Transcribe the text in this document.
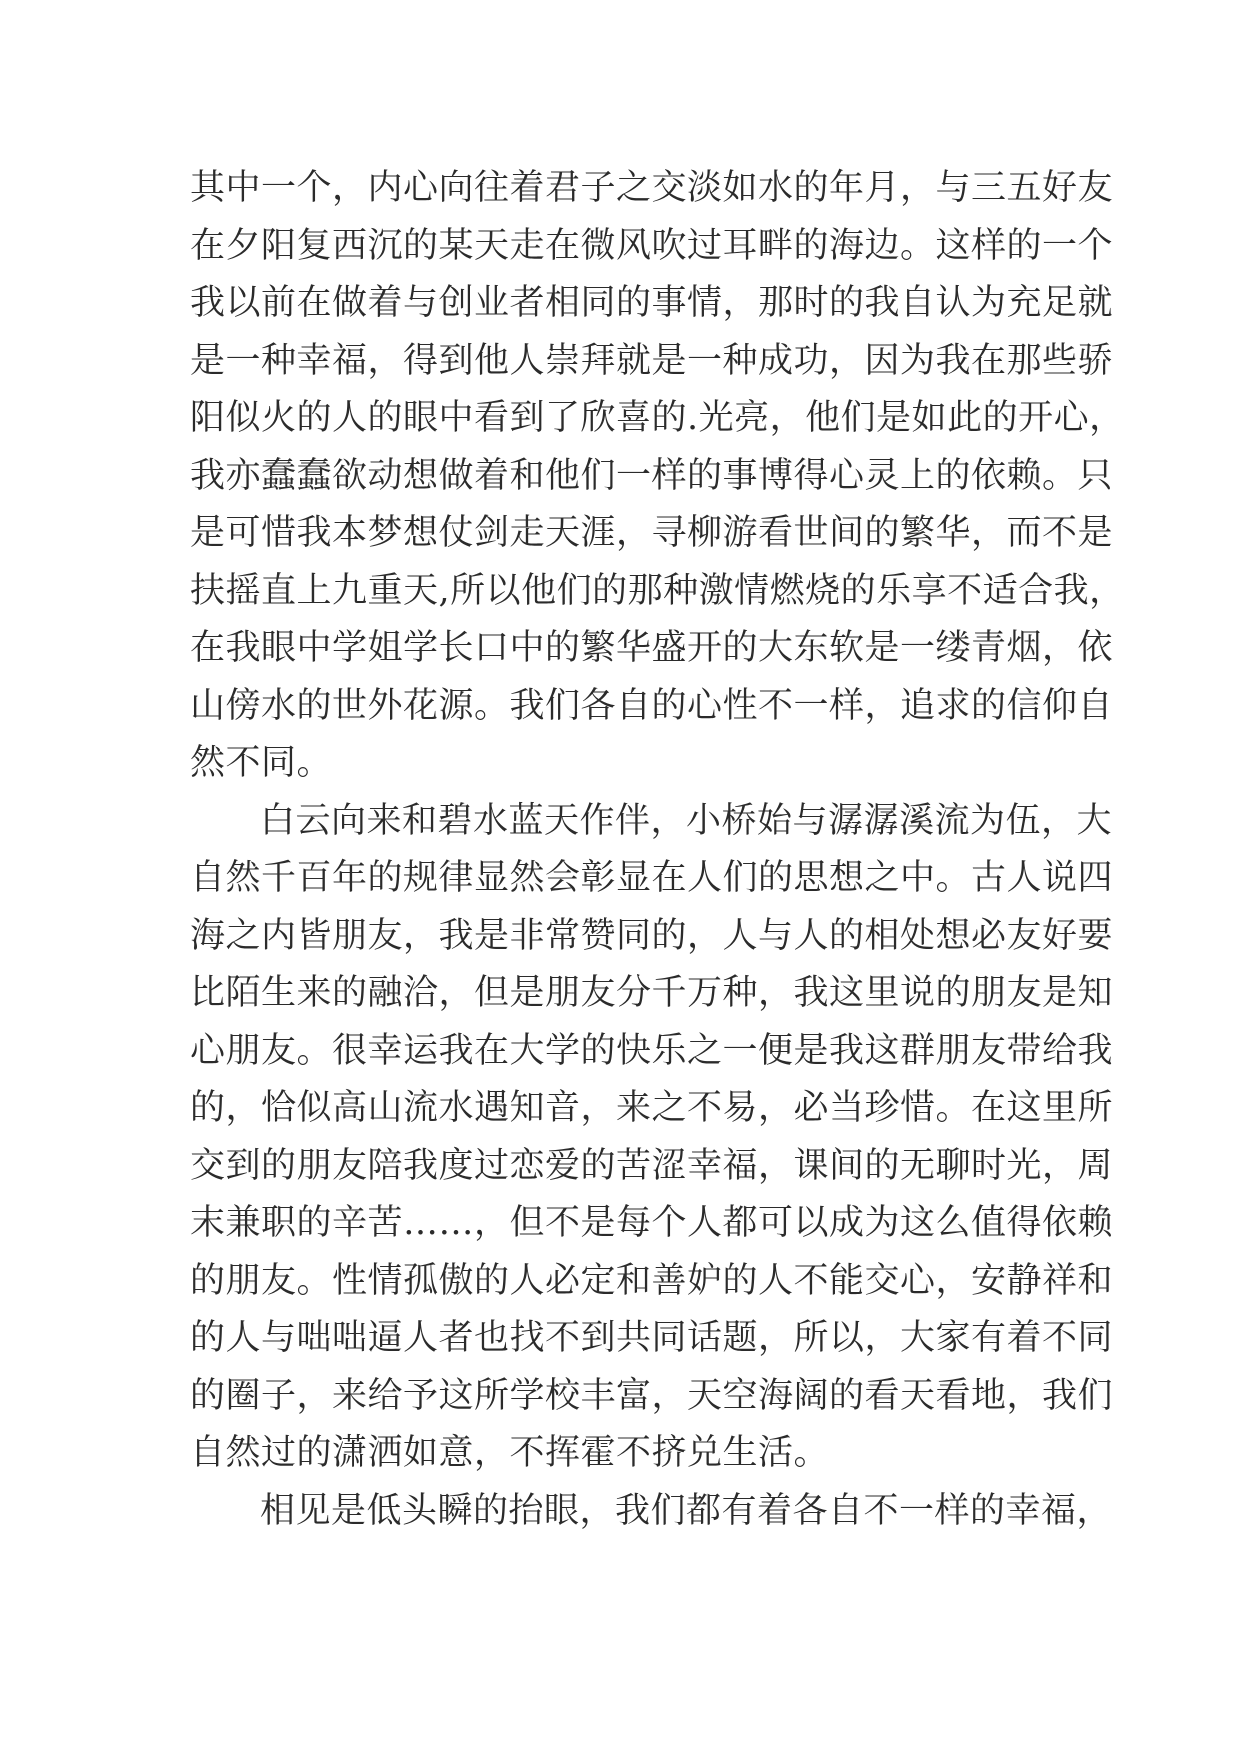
其中一个，内心向往着君子之交淡如水的年月，与三五好友
在夕阳复西沉的某天走在微风吹过耳畔的海边。这样的一个
我以前在做着与创业者相同的事情，那时的我自认为充足就
是一种幸福，得到他人崇拜就是一种成功，因为我在那些骄
阳似火的人的眼中看到了欣喜的.光亮，他们是如此的开心，
我亦蠢蠢欲动想做着和他们一样的事博得心灵上的依赖。只
是可惜我本梦想仗剑走天涯，寻柳游看世间的繁华，而不是
扶摇直上九重天,所以他们的那种激情燃烧的乐享不适合我，
在我眼中学姐学长口中的繁华盛开的大东软是一缕青烟，依
山傍水的世外花源。我们各自的心性不一样，追求的信仰自
然不同。
白云向来和碧水蓝天作伴，小桥始与潺潺溪流为伍，大
自然千百年的规律显然会彰显在人们的思想之中。古人说四
海之内皆朋友，我是非常赞同的，人与人的相处想必友好要
比陌生来的融洽，但是朋友分千万种，我这里说的朋友是知
心朋友。很幸运我在大学的快乐之一便是我这群朋友带给我
的，恰似高山流水遇知音，来之不易，必当珍惜。在这里所
交到的朋友陪我度过恋爱的苦涩幸福，课间的无聊时光，周
末兼职的辛苦……，但不是每个人都可以成为这么值得依赖
的朋友。性情孤傲的人必定和善妒的人不能交心，安静祥和
的人与咄咄逼人者也找不到共同话题，所以，大家有着不同
的圈子，来给予这所学校丰富，天空海阔的看天看地，我们
自然过的潇洒如意，不挥霍不挤兑生活。
相见是低头瞬的抬眼，我们都有着各自不一样的幸福，
